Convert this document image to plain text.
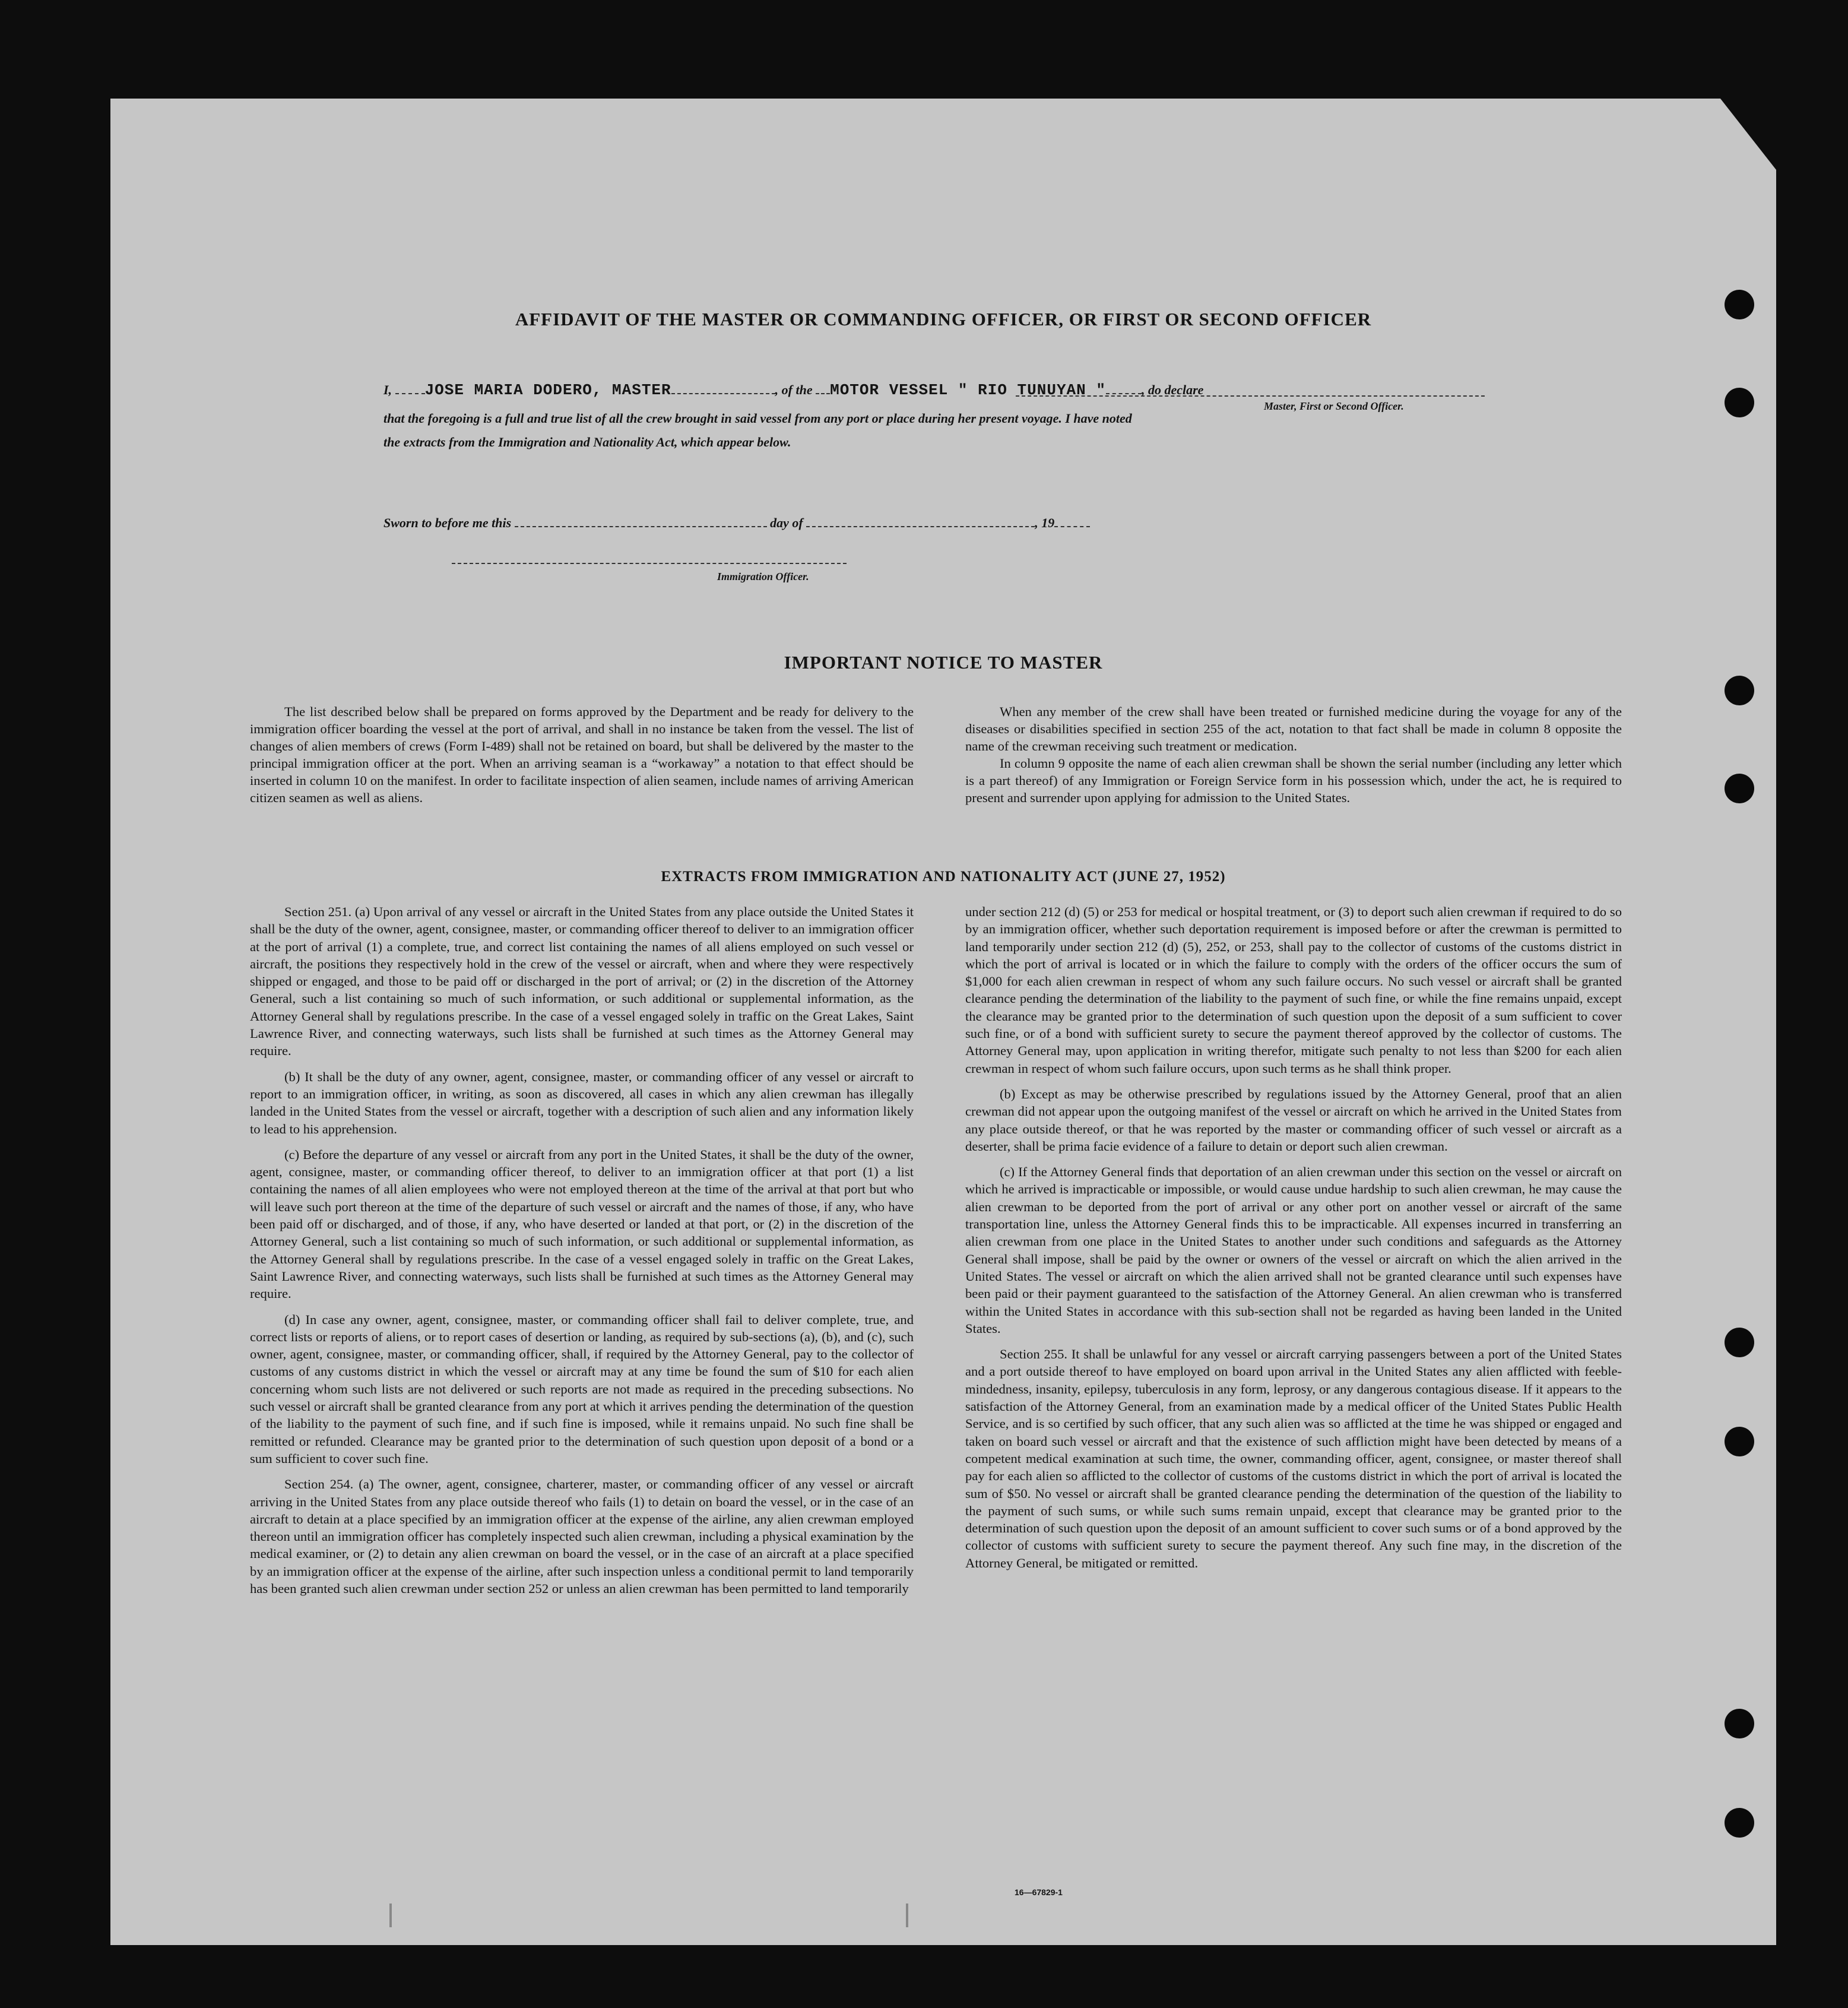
AFFIDAVIT OF THE MASTER OR COMMANDING OFFICER, OR FIRST OR SECOND OFFICER
I, JOSE MARIA DODERO, MASTER	, of the MOTOR VESSEL " RIO TUNUYAN "	, do declare
that the foregoing is a full and true list of all the crew brought in said vessel from any port or place during her present voyage. I have noted
the extracts from the Immigration and Nationality Act, which appear below.
Master, First or Second Officer.
Sworn to before me this	day of	, 19
Immigration Officer.
IMPORTANT NOTICE TO MASTER

The list described below shall be prepared on forms approved by the Department and be ready for delivery to the immigration officer boarding the vessel at the port of arrival, and shall in no instance be taken from the vessel. The list of changes of alien members of crews (Form I-489) shall not be retained on board, but shall be delivered by the master to the principal immigration officer at the port. When an arriving seaman is a “workaway” a notation to that effect should be inserted in column 10 on the manifest. In order to facilitate inspection of alien seamen, include names of arriving American citizen seamen as well as aliens.

When any member of the crew shall have been treated or furnished medicine during the voyage for any of the diseases or disabilities specified in section 255 of the act, notation to that fact shall be made in column 8 opposite the name of the crewman receiving such treatment or medication.

In column 9 opposite the name of each alien crewman shall be shown the serial number (including any letter which is a part thereof) of any Immigration or Foreign Service form in his possession which, under the act, he is required to present and surrender upon applying for admission to the United States.

EXTRACTS FROM IMMIGRATION AND NATIONALITY ACT (JUNE 27, 1952)

Section 251. (a) Upon arrival of any vessel or aircraft in the United States from any place outside the United States it shall be the duty of the owner, agent, consignee, master, or commanding officer thereof to deliver to an immigration officer at the port of arrival (1) a complete, true, and correct list containing the names of all aliens employed on such vessel or aircraft, the positions they respectively hold in the crew of the vessel or aircraft, when and where they were respectively shipped or engaged, and those to be paid off or discharged in the port of arrival; or (2) in the discretion of the Attorney General, such a list containing so much of such information, or such additional or supplemental information, as the Attorney General shall by regulations prescribe. In the case of a vessel engaged solely in traffic on the Great Lakes, Saint Lawrence River, and connecting waterways, such lists shall be furnished at such times as the Attorney General may require.

(b) It shall be the duty of any owner, agent, consignee, master, or commanding officer of any vessel or aircraft to report to an immigration officer, in writing, as soon as discovered, all cases in which any alien crewman has illegally landed in the United States from the vessel or aircraft, together with a description of such alien and any information likely to lead to his apprehension.

(c) Before the departure of any vessel or aircraft from any port in the United States, it shall be the duty of the owner, agent, consignee, master, or commanding officer thereof, to deliver to an immigration officer at that port (1) a list containing the names of all alien employees who were not employed thereon at the time of the arrival at that port but who will leave such port thereon at the time of the departure of such vessel or aircraft and the names of those, if any, who have been paid off or discharged, and of those, if any, who have deserted or landed at that port, or (2) in the discretion of the Attorney General, such a list containing so much of such information, or such additional or supplemental information, as the Attorney General shall by regulations prescribe. In the case of a vessel engaged solely in traffic on the Great Lakes, Saint Lawrence River, and connecting waterways, such lists shall be furnished at such times as the Attorney General may require.

(d) In case any owner, agent, consignee, master, or commanding officer shall fail to deliver complete, true, and correct lists or reports of aliens, or to report cases of desertion or landing, as required by sub-sections (a), (b), and (c), such owner, agent, consignee, master, or commanding officer, shall, if required by the Attorney General, pay to the collector of customs of any customs district in which the vessel or aircraft may at any time be found the sum of $10 for each alien concerning whom such lists are not delivered or such reports are not made as required in the preceding subsections. No such vessel or aircraft shall be granted clearance from any port at which it arrives pending the determination of the question of the liability to the payment of such fine, and if such fine is imposed, while it remains unpaid. No such fine shall be remitted or refunded. Clearance may be granted prior to the determination of such question upon deposit of a bond or a sum sufficient to cover such fine.

Section 254. (a) The owner, agent, consignee, charterer, master, or commanding officer of any vessel or aircraft arriving in the United States from any place outside thereof who fails (1) to detain on board the vessel, or in the case of an aircraft to detain at a place specified by an immigration officer at the expense of the airline, any alien crewman employed thereon until an immigration officer has completely inspected such alien crewman, including a physical examination by the medical examiner, or (2) to detain any alien crewman on board the vessel, or in the case of an aircraft at a place specified by an immigration officer at the expense of the airline, after such inspection unless a conditional permit to land temporarily has been granted such alien crewman under section 252 or unless an alien crewman has been permitted to land temporarily

under section 212 (d) (5) or 253 for medical or hospital treatment, or (3) to deport such alien crewman if required to do so by an immigration officer, whether such deportation requirement is imposed before or after the crewman is permitted to land temporarily under section 212 (d) (5), 252, or 253, shall pay to the collector of customs of the customs district in which the port of arrival is located or in which the failure to comply with the orders of the officer occurs the sum of $1,000 for each alien crewman in respect of whom any such failure occurs. No such vessel or aircraft shall be granted clearance pending the determination of the liability to the payment of such fine, or while the fine remains unpaid, except the clearance may be granted prior to the determination of such question upon the deposit of a sum sufficient to cover such fine, or of a bond with sufficient surety to secure the payment thereof approved by the collector of customs. The Attorney General may, upon application in writing therefor, mitigate such penalty to not less than $200 for each alien crewman in respect of whom such failure occurs, upon such terms as he shall think proper.

(b) Except as may be otherwise prescribed by regulations issued by the Attorney General, proof that an alien crewman did not appear upon the outgoing manifest of the vessel or aircraft on which he arrived in the United States from any place outside thereof, or that he was reported by the master or commanding officer of such vessel or aircraft as a deserter, shall be prima facie evidence of a failure to detain or deport such alien crewman.

(c) If the Attorney General finds that deportation of an alien crewman under this section on the vessel or aircraft on which he arrived is impracticable or impossible, or would cause undue hardship to such alien crewman, he may cause the alien crewman to be deported from the port of arrival or any other port on another vessel or aircraft of the same transportation line, unless the Attorney General finds this to be impracticable. All expenses incurred in transferring an alien crewman from one place in the United States to another under such conditions and safeguards as the Attorney General shall impose, shall be paid by the owner or owners of the vessel or aircraft on which the alien arrived in the United States. The vessel or aircraft on which the alien arrived shall not be granted clearance until such expenses have been paid or their payment guaranteed to the satisfaction of the Attorney General. An alien crewman who is transferred within the United States in accordance with this sub-section shall not be regarded as having been landed in the United States.

Section 255. It shall be unlawful for any vessel or aircraft carrying passengers between a port of the United States and a port outside thereof to have employed on board upon arrival in the United States any alien afflicted with feeble-mindedness, insanity, epilepsy, tuberculosis in any form, leprosy, or any dangerous contagious disease. If it appears to the satisfaction of the Attorney General, from an examination made by a medical officer of the United States Public Health Service, and is so certified by such officer, that any such alien was so afflicted at the time he was shipped or engaged and taken on board such vessel or aircraft and that the existence of such affliction might have been detected by means of a competent medical examination at such time, the owner, commanding officer, agent, consignee, or master thereof shall pay for each alien so afflicted to the collector of customs of the customs district in which the port of arrival is located the sum of $50. No vessel or aircraft shall be granted clearance pending the determination of the question of the liability to the payment of such sums, or while such sums remain unpaid, except that clearance may be granted prior to the determination of such question upon the deposit of an amount sufficient to cover such sums or of a bond approved by the collector of customs with sufficient surety to secure the payment thereof. Any such fine may, in the discretion of the Attorney General, be mitigated or remitted.

16—67829-1
